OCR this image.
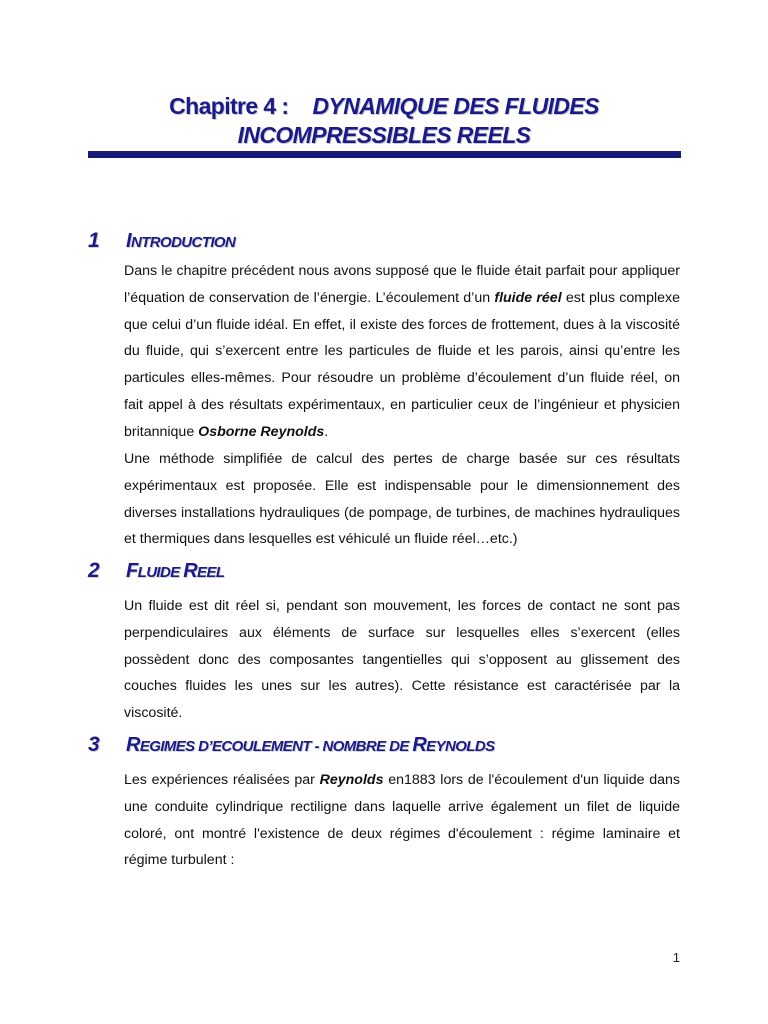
Chapitre 4 : DYNAMIQUE DES FLUIDES
INCOMPRESSIBLES REELS
1 INTRODUCTION

Dans le chapitre précédent nous avons supposé que le fluide était parfait pour appliquer l’équation de conservation de l’énergie. L’écoulement d’un fluide réel est plus complexe que celui d’un fluide idéal. En effet, il existe des forces de frottement, dues à la viscosité du fluide, qui s’exercent entre les particules de fluide et les parois, ainsi qu’entre les particules elles-mêmes. Pour résoudre un problème d’écoulement d’un fluide réel, on fait appel à des résultats expérimentaux, en particulier ceux de l’ingénieur et physicien britannique Osborne Reynolds.

Une méthode simplifiée de calcul des pertes de charge basée sur ces résultats expérimentaux est proposée. Elle est indispensable pour le dimensionnement des diverses installations hydrauliques (de pompage, de turbines, de machines hydrauliques et thermiques dans lesquelles est véhiculé un fluide réel…etc.)

2 FLUIDE REEL

Un fluide est dit réel si, pendant son mouvement, les forces de contact ne sont pas perpendiculaires aux éléments de surface sur lesquelles elles s’exercent (elles possèdent donc des composantes tangentielles qui s’opposent au glissement des couches fluides les unes sur les autres). Cette résistance est caractérisée par la viscosité.

3 REGIMES D’ECOULEMENT - NOMBRE DE REYNOLDS

Les expériences réalisées par Reynolds en1883 lors de l'écoulement d'un liquide dans une conduite cylindrique rectiligne dans laquelle arrive également un filet de liquide coloré, ont montré l'existence de deux régimes d'écoulement : régime laminaire et régime turbulent :

1
